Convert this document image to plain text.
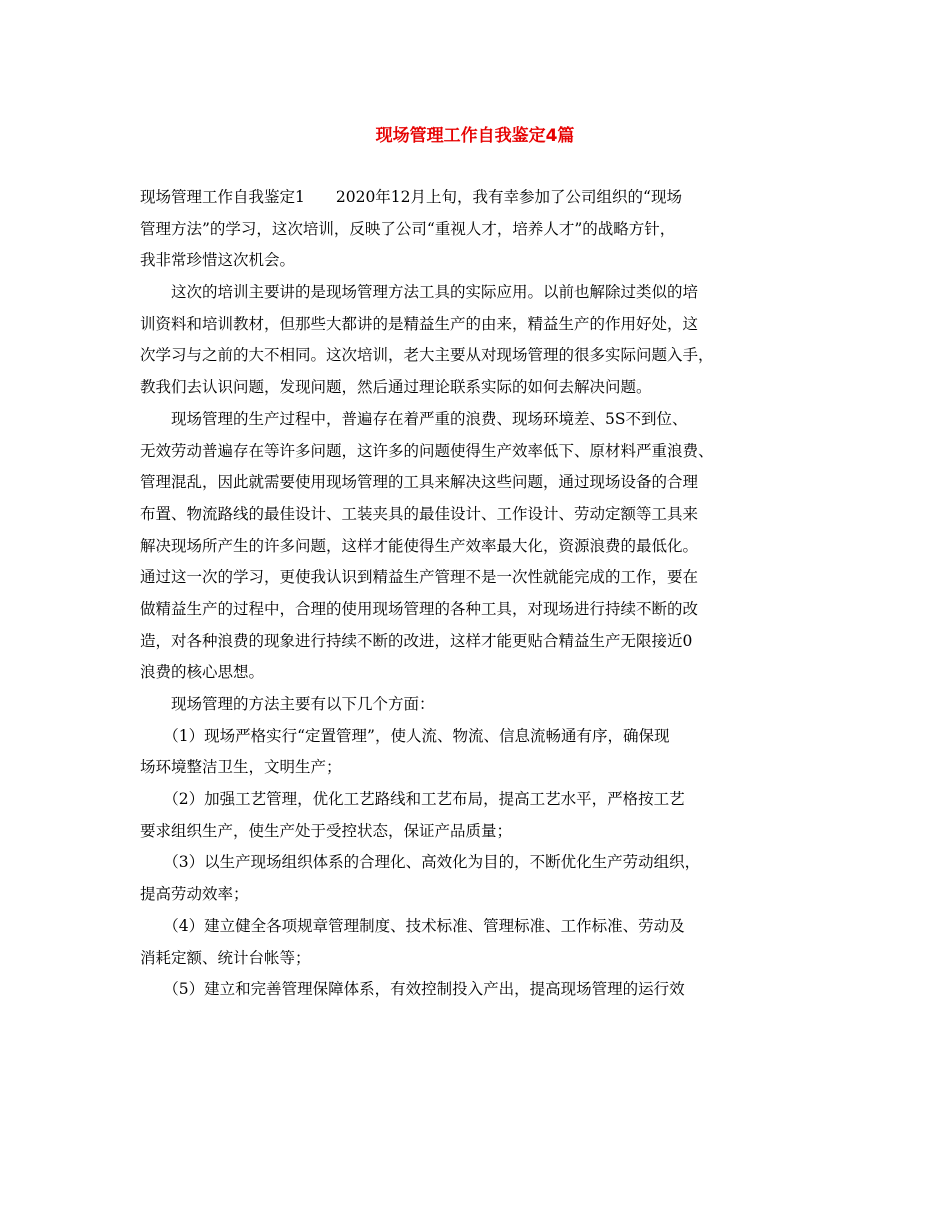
现场管理工作自我鉴定4篇
现场管理工作自我鉴定1　　2020年12月上旬，我有幸参加了公司组织的“现场
管理方法”的学习，这次培训，反映了公司“重视人才，培养人才”的战略方针，
我非常珍惜这次机会。
　　这次的培训主要讲的是现场管理方法工具的实际应用。以前也解除过类似的培
训资料和培训教材，但那些大都讲的是精益生产的由来，精益生产的作用好处，这
次学习与之前的大不相同。这次培训，老大主要从对现场管理的很多实际问题入手，
教我们去认识问题，发现问题，然后通过理论联系实际的如何去解决问题。
　　现场管理的生产过程中，普遍存在着严重的浪费、现场环境差、5S不到位、
无效劳动普遍存在等许多问题，这许多的问题使得生产效率低下、原材料严重浪费、
管理混乱，因此就需要使用现场管理的工具来解决这些问题，通过现场设备的合理
布置、物流路线的最佳设计、工装夹具的最佳设计、工作设计、劳动定额等工具来
解决现场所产生的许多问题，这样才能使得生产效率最大化，资源浪费的最低化。
通过这一次的学习，更使我认识到精益生产管理不是一次性就能完成的工作，要在
做精益生产的过程中，合理的使用现场管理的各种工具，对现场进行持续不断的改
造，对各种浪费的现象进行持续不断的改进，这样才能更贴合精益生产无限接近0
浪费的核心思想。
　　现场管理的方法主要有以下几个方面：
　　（1）现场严格实行“定置管理”，使人流、物流、信息流畅通有序，确保现
场环境整洁卫生，文明生产；
　　（2）加强工艺管理，优化工艺路线和工艺布局，提高工艺水平，严格按工艺
要求组织生产，使生产处于受控状态，保证产品质量；
　　（3）以生产现场组织体系的合理化、高效化为目的，不断优化生产劳动组织，
提高劳动效率；
　　（4）建立健全各项规章管理制度、技术标准、管理标准、工作标准、劳动及
消耗定额、统计台帐等；
　　（5）建立和完善管理保障体系，有效控制投入产出，提高现场管理的运行效
